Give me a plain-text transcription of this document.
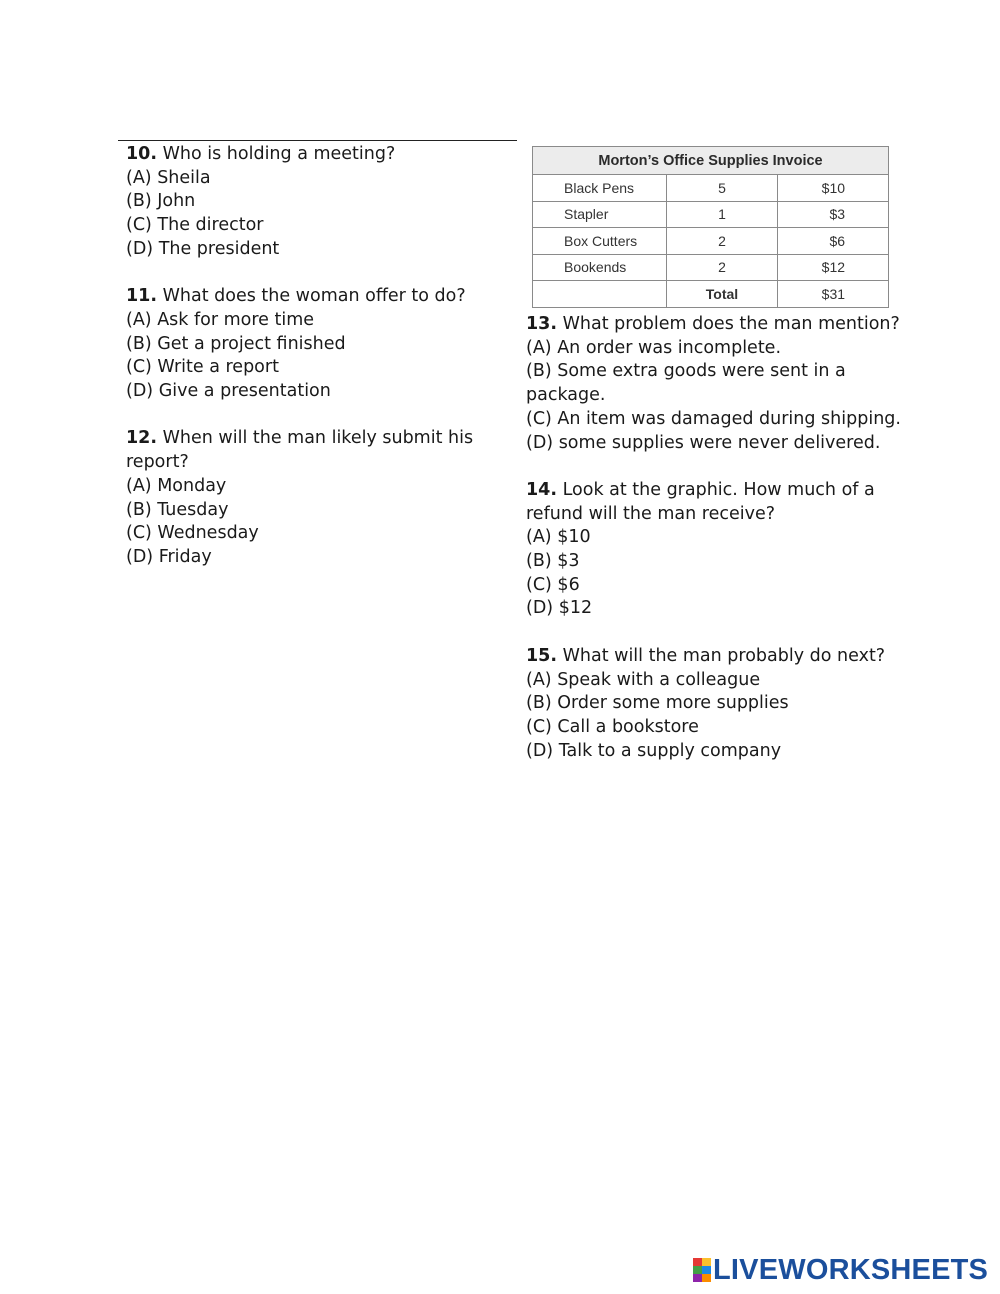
10. Who is holding a meeting?
(A) Sheila
(B) John
(C) The director
(D) The president
11. What does the woman offer to do?
(A) Ask for more time
(B) Get a project finished
(C) Write a report
(D) Give a presentation
12. When will the man likely submit his report?
(A) Monday
(B) Tuesday
(C) Wednesday
(D) Friday
Morton’s Office Supplies Invoice		
Black Pens	5	$10
Stapler	1	$3
Box Cutters	2	$6
Bookends	2	$12
	Total	$31
13. What problem does the man mention?
(A) An order was incomplete.
(B) Some extra goods were sent in a package.
(C) An item was damaged during shipping.
(D) some supplies were never delivered.
14. Look at the graphic. How much of a refund will the man receive?
(A) $10
(B) $3
(C) $6
(D) $12
15. What will the man probably do next?
(A) Speak with a colleague
(B) Order some more supplies
(C) Call a bookstore
(D) Talk to a supply company
LIVEWORKSHEETS
